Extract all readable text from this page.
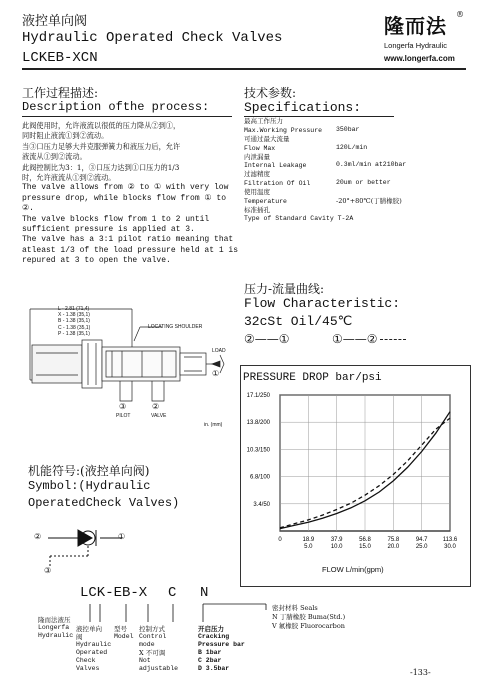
液控单向阀
Hydraulic Operated Check Valves
LCKEB-XCN
隆而法	®
Longerfa Hydraulic
www.longerfa.com
工作过程描述:
Description ofthe process:
此阀使用时，允许液流以很低的压力降从②到①，
同时阻止液流①到②流动。
当③口压力足够大并克服弹簧力和液压力后，允许
液流从①到②流动。
此阀控制比为3：1，③口压力达到①口压力的1/3
时，允许液流从①到②流动。
The valve allows from ② to ① with very low
pressure drop, while blocks flow from ① to
②.
The valve blocks flow from 1 to 2 until
sufficient pressure is applied at 3.
The valve has a 3:1 pilot ratio meaning that
atleast 1/3 of the load pressure held at 1 is
repured at 3 to open the valve.
技术参数:
Specifications:
最高工作压力
Max.Working Pressure 350bar
可通过最大流量
Flow Max	120L/min
内泄漏量
Internal Leakage	0.3ml/min at210bar
过滤精度
Filtration Of Oil	20um or better
使用温度
Temperature	-20°+80℃(丁腈橡胶)
标准插孔
Type of Standard Cavity T-2A
L - 2.81 (71,4)
X - 1.38 (35,1)
B - 1.38 (35,1)
C - 1.38 (35,1)
P - 1.38 (35,1)
LOCATING SHOULDER
LOAD
①
③	②
PILOT	VALVE
in. (mm)
压力-流量曲线:
Flow Characteristic:
32cSt Oil/45℃
②——①	①——②
PRESSURE DROP bar/psi
0	18.9
5.0
37.9
10.0
56.8
15.0
75.8
20.0
94.7
25.0
113.6
30.0
17.1/250
13.8/200
10.3/150
6.8/100
3.4/50
FLOW L/min(gpm)
机能符号:(液控单向阀)
Symbol:(Hydraulic
OperatedCheck Valves)
②	①
③
LCK-EB-X C N
隆而法液压
Longerfa
Hydraulic
液控单向
阀
Hydraulic
Operated
Check
Valves
型号
Model
控制方式
Control
mode
X 不可调
Not
adjustable
开启压力
Cracking
Pressure bar
B 1bar
C 2bar
D 3.5bar
密封材料 Seals
N 丁腈橡胶 Buma(Std.)
V 氟橡胶 Fluorocarbon
-133-
